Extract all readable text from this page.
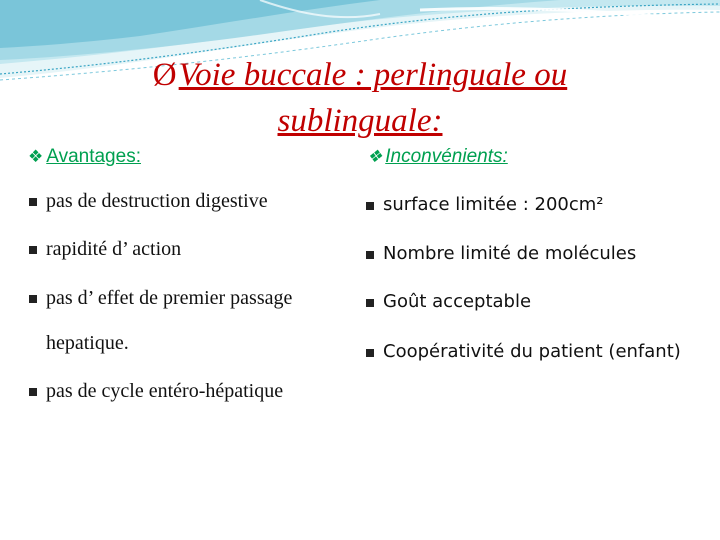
ØVoie buccale : perlinguale ou
sublinguale:
❖ Avantages:	❖ Inconvénients:
pas de destruction digestive
rapidité d’ action
pas d’ effet de premier passage
hepatique.
pas de cycle entéro-hépatique
surface limitée : 200cm²
Nombre limité de molécules
Goût acceptable
Coopérativité du patient (enfant)
